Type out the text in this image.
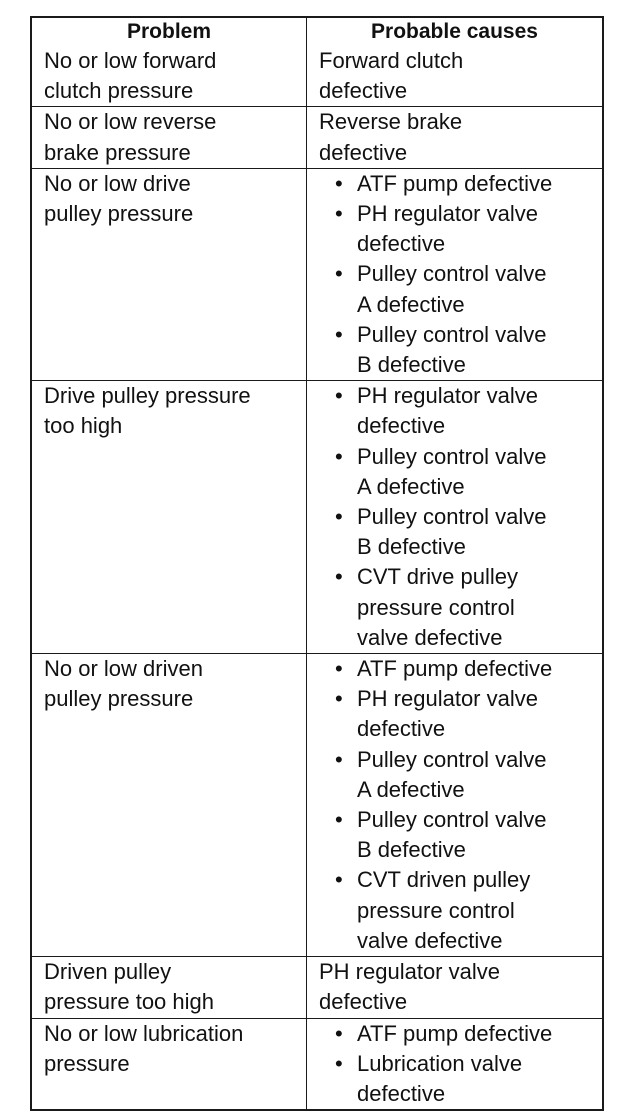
Problem	Probable causes
No or low forward
clutch pressure
Forward clutch
defective
No or low reverse
brake pressure
Reverse brake
defective
No or low drive
pulley pressure
• ATF pump defective
• PH regulator valve
defective
• Pulley control valve
A defective
• Pulley control valve
B defective
Drive pulley pressure
too high
• PH regulator valve
defective
• Pulley control valve
A defective
• Pulley control valve
B defective
• CVT drive pulley
pressure control
valve defective
No or low driven
pulley pressure
• ATF pump defective
• PH regulator valve
defective
• Pulley control valve
A defective
• Pulley control valve
B defective
• CVT driven pulley
pressure control
valve defective
Driven pulley
pressure too high
PH regulator valve
defective
No or low lubrication
pressure
• ATF pump defective
• Lubrication valve
defective
